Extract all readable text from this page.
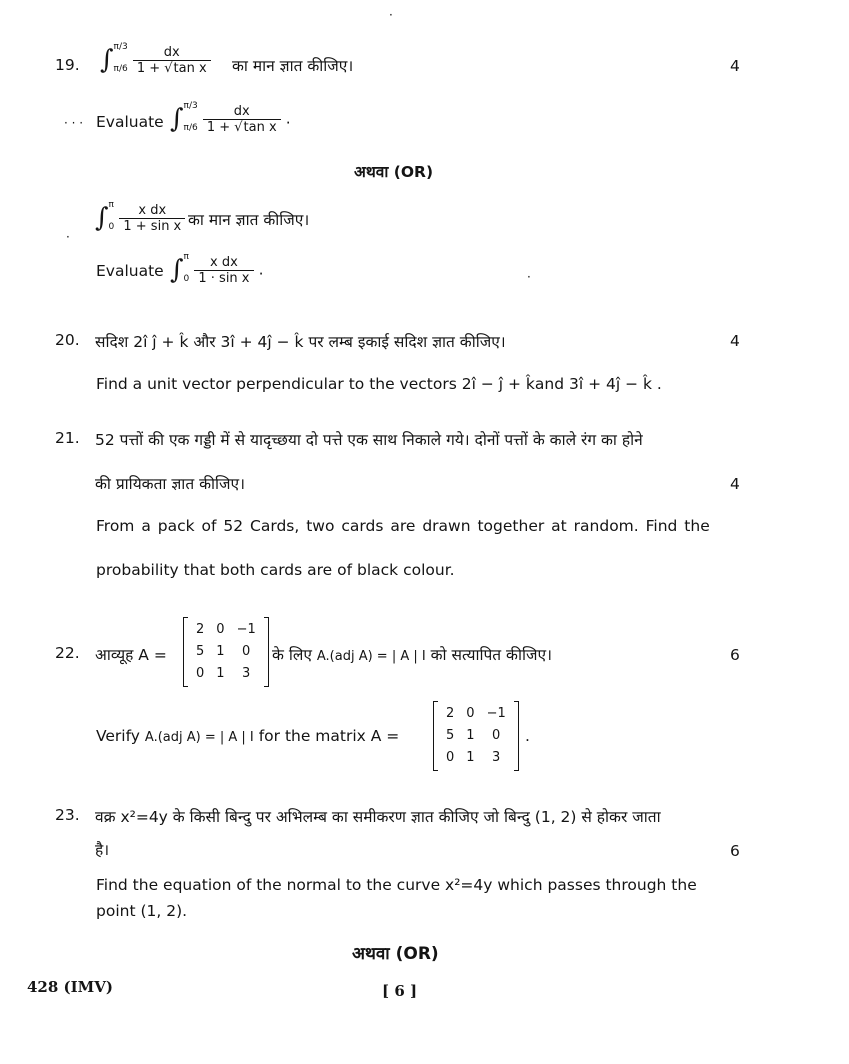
19. ∫ π/3
π/6
$\frac{dx}{\text{1 + √tan x}}$ का मान ज्ञात कीजिए।	4
· · · Evaluate ∫ π/3
π/6
$\frac{dx}{\text{1 + √tan x}}$ .
अथवा (OR)
∫ π
0
$\frac{\text{x dx}}{\text{1 + sin x}}$ का मान ज्ञात कीजिए।
·
Evaluate ∫ π
0
$\frac{\text{x dx}}{\text{1 · sin x}}$ .	·
20. सदिश 2î ĵ + k̂ और 3î + 4ĵ − k̂ पर लम्ब इकाई सदिश ज्ञात कीजिए।	4
Find a unit vector perpendicular to the vectors 2î − ĵ + k̂and 3î + 4ĵ − k̂ .
21. 52 पत्तों की एक गड्डी में से यादृच्छया दो पत्ते एक साथ निकाले गये। दोनों पत्तों के काले रंग का होने
की प्रायिकता ज्ञात कीजिए।	4
From a pack of 52 Cards, two cards are drawn together at random. Find the
probability that both cards are of black colour.
22. आव्यूह A =
2	0	−1
5	1	0
0	1	3
के लिए A.(adj A) = | A | I को सत्यापित कीजिए।	6
Verify A.(adj A) = | A | I for the matrix A =
2	0	−1
5	1	0
0	1	3
.
23. वक्र x²=4y के किसी बिन्दु पर अभिलम्ब का समीकरण ज्ञात कीजिए जो बिन्दु (1, 2) से होकर जाता
है।	6
Find the equation of the normal to the curve x²=4y which passes through the
point (1, 2).
अथवा (OR)
428 (IMV)	[ 6 ]
·
